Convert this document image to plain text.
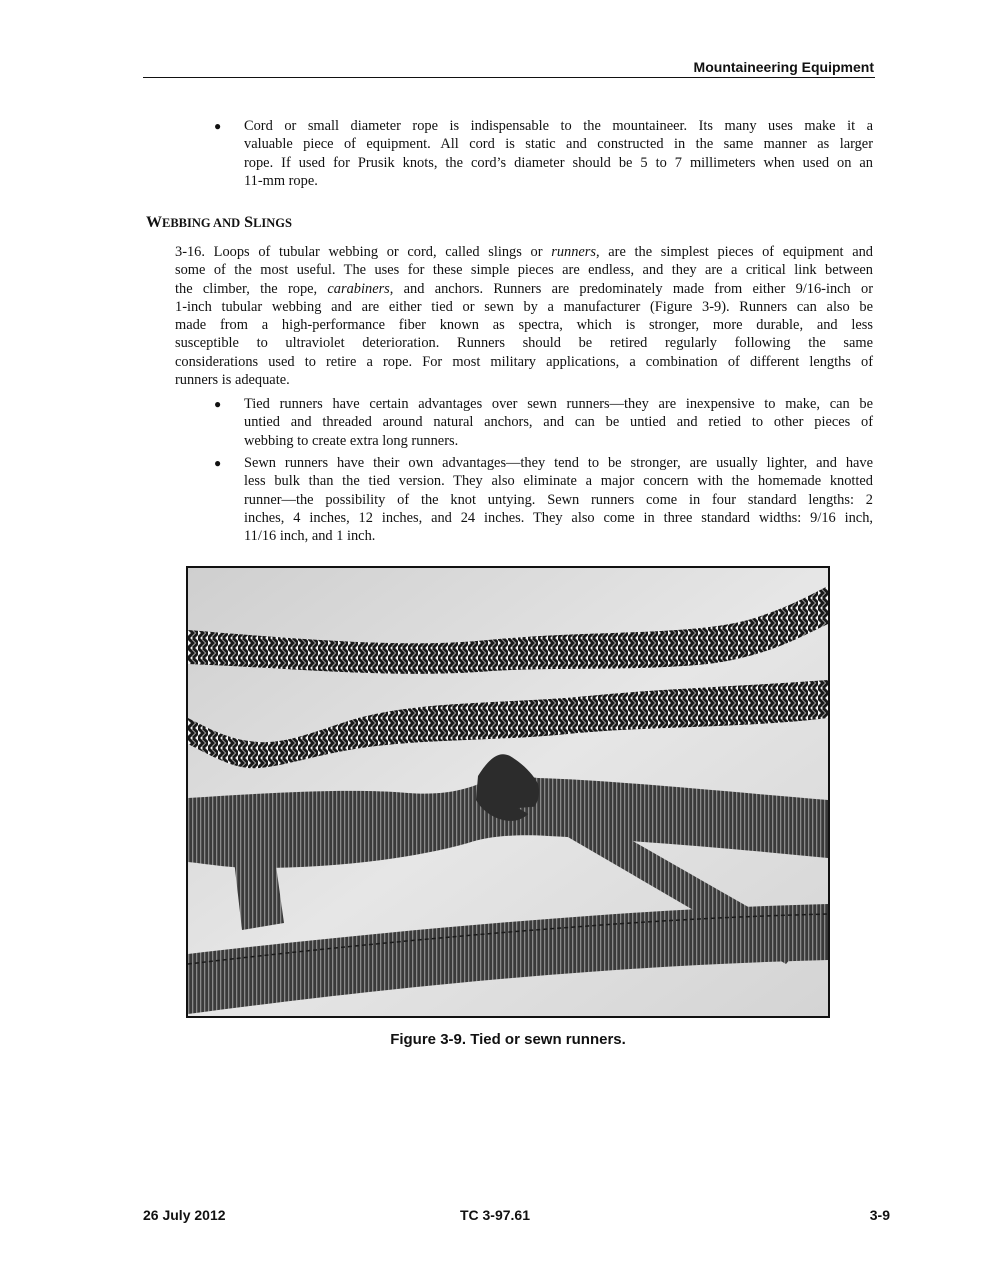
Mountaineering Equipment
● Cord or small diameter rope is indispensable to the mountaineer. Its many uses make it a
valuable piece of equipment. All cord is static and constructed in the same manner as larger
rope. If used for Prusik knots, the cord’s diameter should be 5 to 7 millimeters when used on an
11-mm rope.
WEBBING AND SLINGS
3-16. Loops of tubular webbing or cord, called slings or runners, are the simplest pieces of equipment and
some of the most useful. The uses for these simple pieces are endless, and they are a critical link between
the climber, the rope, carabiners, and anchors. Runners are predominately made from either 9/16-inch or
1-inch tubular webbing and are either tied or sewn by a manufacturer (Figure 3-9). Runners can also be
made from a high-performance fiber known as spectra, which is stronger, more durable, and less
susceptible to ultraviolet deterioration. Runners should be retired regularly following the same
considerations used to retire a rope. For most military applications, a combination of different lengths of
runners is adequate.
● Tied runners have certain advantages over sewn runners—they are inexpensive to make, can be
untied and threaded around natural anchors, and can be untied and retied to other pieces of
webbing to create extra long runners.
● Sewn runners have their own advantages—they tend to be stronger, are usually lighter, and have
less bulk than the tied version. They also eliminate a major concern with the homemade knotted
runner—the possibility of the knot untying. Sewn runners come in four standard lengths: 2
inches, 4 inches, 12 inches, and 24 inches. They also come in three standard widths: 9/16 inch,
11/16 inch, and 1 inch.
Figure 3-9. Tied or sewn runners.
26 July 2012	TC 3-97.61	3-9
